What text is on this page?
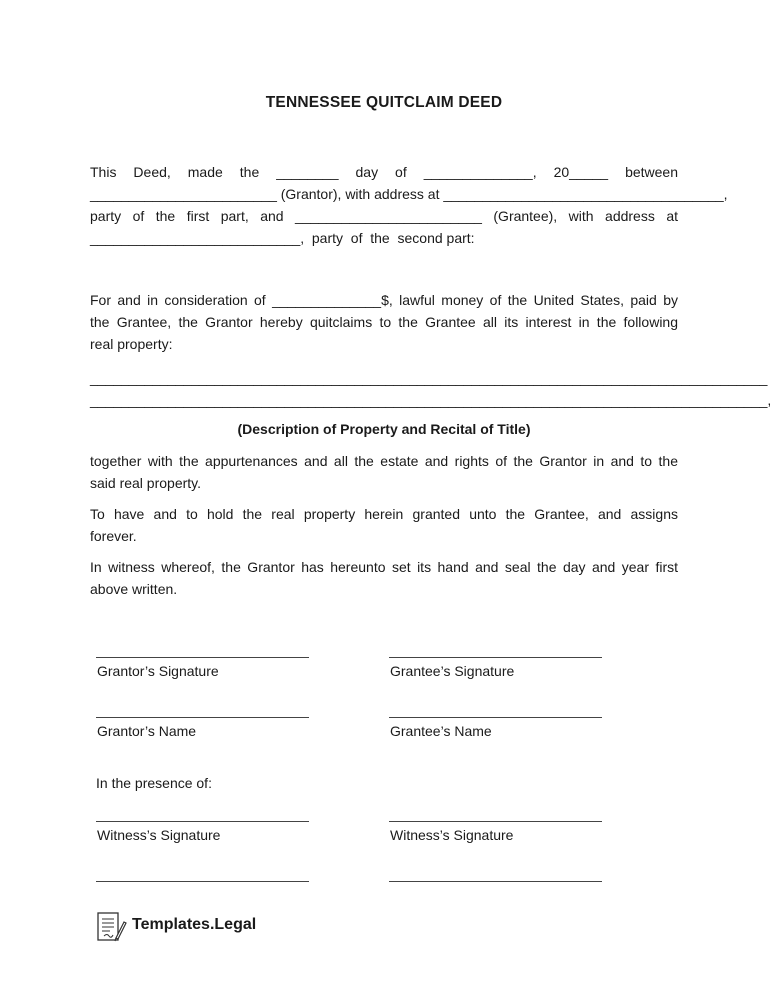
TENNESSEE QUITCLAIM DEED
This  Deed,  made  the  ________  day  of  ______________,  20_____  between
________________________ (Grantor), with address at ____________________________________,
party  of  the  first  part,  and  ________________________  (Grantee),  with  address  at
___________________________,  party  of  the  second part:
For and in consideration of ______________$, lawful money of the United States, paid by
the Grantee, the Grantor hereby quitclaims to the Grantee all its interest in the following
real property:
_______________________________________________________________________________________
_______________________________________________________________________________________,
(Description of Property and Recital of Title)
together with the appurtenances and all the estate and rights of the Grantor in and to the
said real property.
To have and to hold the real property herein granted unto the Grantee, and assigns
forever.
In witness whereof, the Grantor has hereunto set its hand and seal the day and year first
above written.
Grantor’s Signature	Grantee’s Signature
Grantor’s Name	Grantee’s Name
In the presence of:
Witness’s Signature	Witness’s Signature
Templates.Legal
